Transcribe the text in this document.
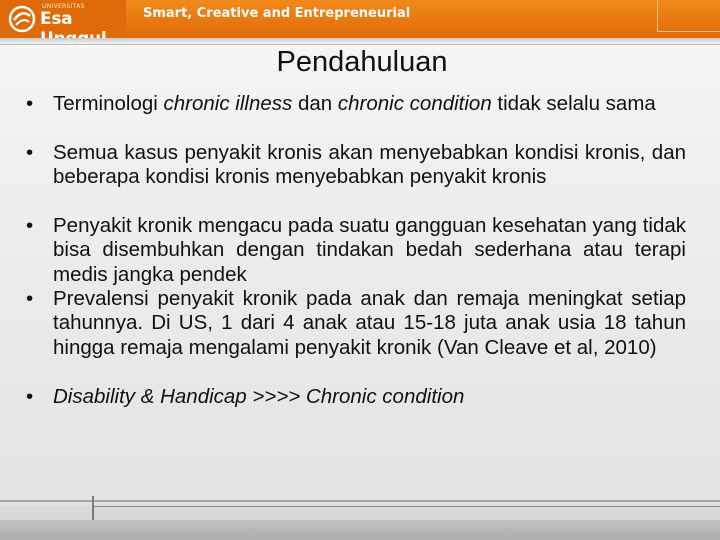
UNIVERSITAS
Esa	Smart, Creative and Entrepreneurial
Pendahuluan
• Terminologi chronic illness dan chronic condition tidak selalu sama
• Semua kasus penyakit kronis akan menyebabkan kondisi kronis, dan beberapa kondisi kronis menyebabkan penyakit kronis
• Penyakit kronik mengacu pada suatu gangguan kesehatan yang tidak bisa disembuhkan dengan tindakan bedah sederhana atau terapi medis jangka pendek
• Prevalensi penyakit kronik pada anak dan remaja meningkat setiap tahunnya. Di US, 1 dari 4 anak atau 15-18 juta anak usia 18 tahun hingga remaja mengalami penyakit kronik (Van Cleave et al, 2010)
• Disability & Handicap >>>> Chronic condition
